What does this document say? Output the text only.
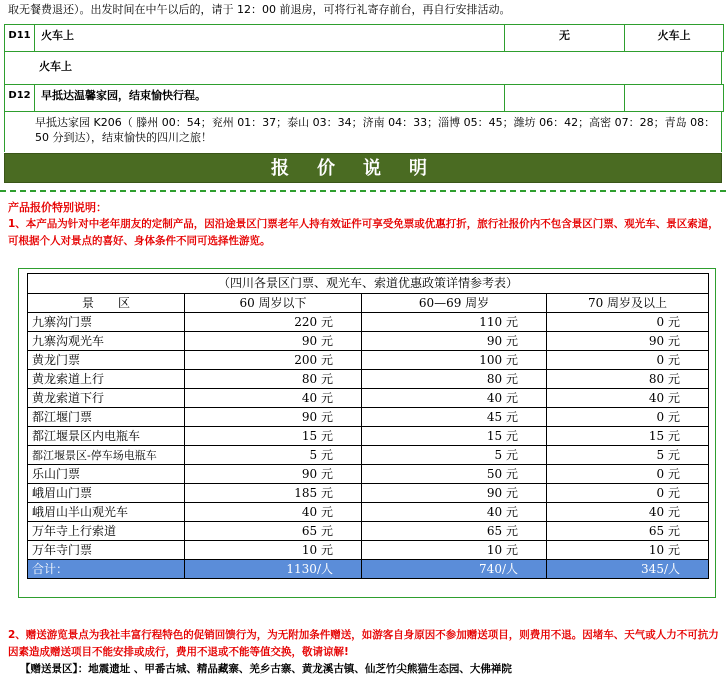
取无餐费退还）。出发时间在中午以后的，请于 12：00 前退房，可将行礼寄存前台，再自行安排活动。
D11 火车上	无	火车上
火车上
D12 早抵达温馨家园，结束愉快行程。
早抵达家园 K206（ 滕州 00：54；兖州 01：37；泰山 03：34；济南 04：33；淄博 05：45；潍坊 06：42；高密 07：28；青岛 08：
50 分到达），结束愉快的四川之旅！
报价说明
产品报价特别说明：
1、本产品为针对中老年朋友的定制产品，因沿途景区门票老年人持有效证件可享受免票或优惠打折，旅行社报价内不包含景区门票、观光车、景区索道，可根据个人对景点的喜好、身体条件不同可选择性游览。
（四川各景区门票、观光车、索道优惠政策详情参考表）			
景　　区	60 周岁以下	60—69 周岁	70 周岁及以上
九寨沟门票	220 元	110 元	0 元
九寨沟观光车	90 元	90 元	90 元
黄龙门票	200 元	100 元	0 元
黄龙索道上行	80 元	80 元	80 元
黄龙索道下行	40 元	40 元	40 元
都江堰门票	90 元	45 元	0 元
都江堰景区内电瓶车	15 元	15 元	15 元
都江堰景区-停车场电瓶车	5 元	5 元	5 元
乐山门票	90 元	50 元	0 元
峨眉山门票	185 元	90 元	0 元
峨眉山半山观光车	40 元	40 元	40 元
万年寺上行索道	65 元	65 元	65 元
万年寺门票	10 元	10 元	10 元
合计：	1130/人	740/人	345/人
2、赠送游览景点为我社丰富行程特色的促销回馈行为，为无附加条件赠送，如游客自身原因不参加赠送项目，则费用不退。因堵车、天气或人力不可抗力因素造成赠送项目不能安排或成行，费用不退或不能等值交换，敬请谅解!
【赠送景区】：地震遗址 、甲番古城、精品藏寨、羌乡古寨、黄龙溪古镇、仙芝竹尖熊猫生态园、大佛禅院
